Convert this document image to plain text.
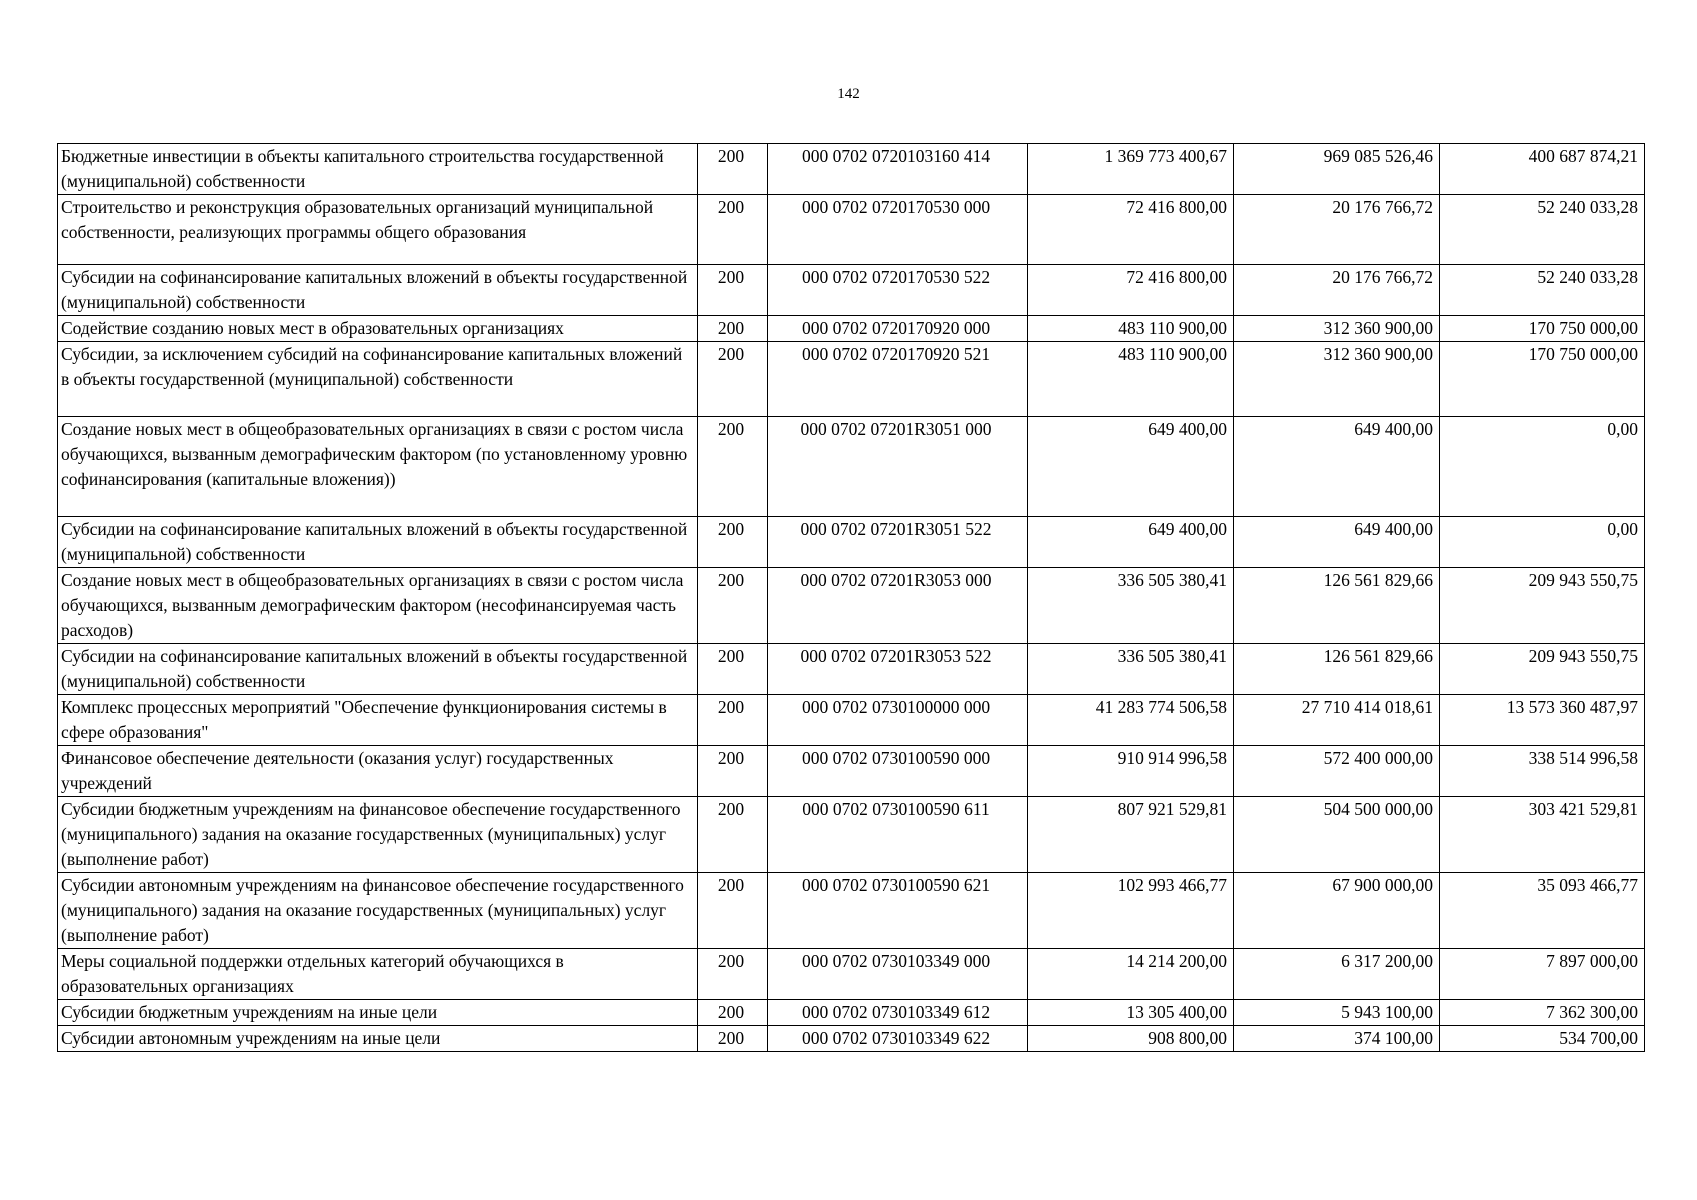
142
Бюджетные инвестиции в объекты капитального строительства государственной (муниципальной) собственности	200	000 0702 0720103160 414	1 369 773 400,67	969 085 526,46	400 687 874,21
Строительство и реконструкция образовательных организаций муниципальной собственности, реализующих программы общего образования	200	000 0702 0720170530 000	72 416 800,00	20 176 766,72	52 240 033,28
Субсидии на софинансирование капитальных вложений в объекты государственной (муниципальной) собственности	200	000 0702 0720170530 522	72 416 800,00	20 176 766,72	52 240 033,28
Содействие созданию новых мест в образовательных организациях	200	000 0702 0720170920 000	483 110 900,00	312 360 900,00	170 750 000,00
Субсидии, за исключением субсидий на софинансирование капитальных вложений в объекты государственной (муниципальной) собственности	200	000 0702 0720170920 521	483 110 900,00	312 360 900,00	170 750 000,00
Создание новых мест в общеобразовательных организациях в связи с ростом числа обучающихся, вызванным демографическим фактором (по установленному уровню софинансирования (капитальные вложения))	200	000 0702 07201R3051 000	649 400,00	649 400,00	0,00
Субсидии на софинансирование капитальных вложений в объекты государственной (муниципальной) собственности	200	000 0702 07201R3051 522	649 400,00	649 400,00	0,00
Создание новых мест в общеобразовательных организациях в связи с ростом числа обучающихся, вызванным демографическим фактором (несофинансируемая часть расходов)	200	000 0702 07201R3053 000	336 505 380,41	126 561 829,66	209 943 550,75
Субсидии на софинансирование капитальных вложений в объекты государственной (муниципальной) собственности	200	000 0702 07201R3053 522	336 505 380,41	126 561 829,66	209 943 550,75
Комплекс процессных мероприятий "Обеспечение функционирования системы в сфере образования"	200	000 0702 0730100000 000	41 283 774 506,58	27 710 414 018,61	13 573 360 487,97
Финансовое обеспечение деятельности (оказания услуг) государственных учреждений	200	000 0702 0730100590 000	910 914 996,58	572 400 000,00	338 514 996,58
Субсидии бюджетным учреждениям на финансовое обеспечение государственного (муниципального) задания на оказание государственных (муниципальных) услуг (выполнение работ)	200	000 0702 0730100590 611	807 921 529,81	504 500 000,00	303 421 529,81
Субсидии автономным учреждениям на финансовое обеспечение государственного (муниципального) задания на оказание государственных (муниципальных) услуг (выполнение работ)	200	000 0702 0730100590 621	102 993 466,77	67 900 000,00	35 093 466,77
Меры социальной поддержки отдельных категорий обучающихся в образовательных организациях	200	000 0702 0730103349 000	14 214 200,00	6 317 200,00	7 897 000,00
Субсидии бюджетным учреждениям на иные цели	200	000 0702 0730103349 612	13 305 400,00	5 943 100,00	7 362 300,00
Субсидии автономным учреждениям на иные цели	200	000 0702 0730103349 622	908 800,00	374 100,00	534 700,00
